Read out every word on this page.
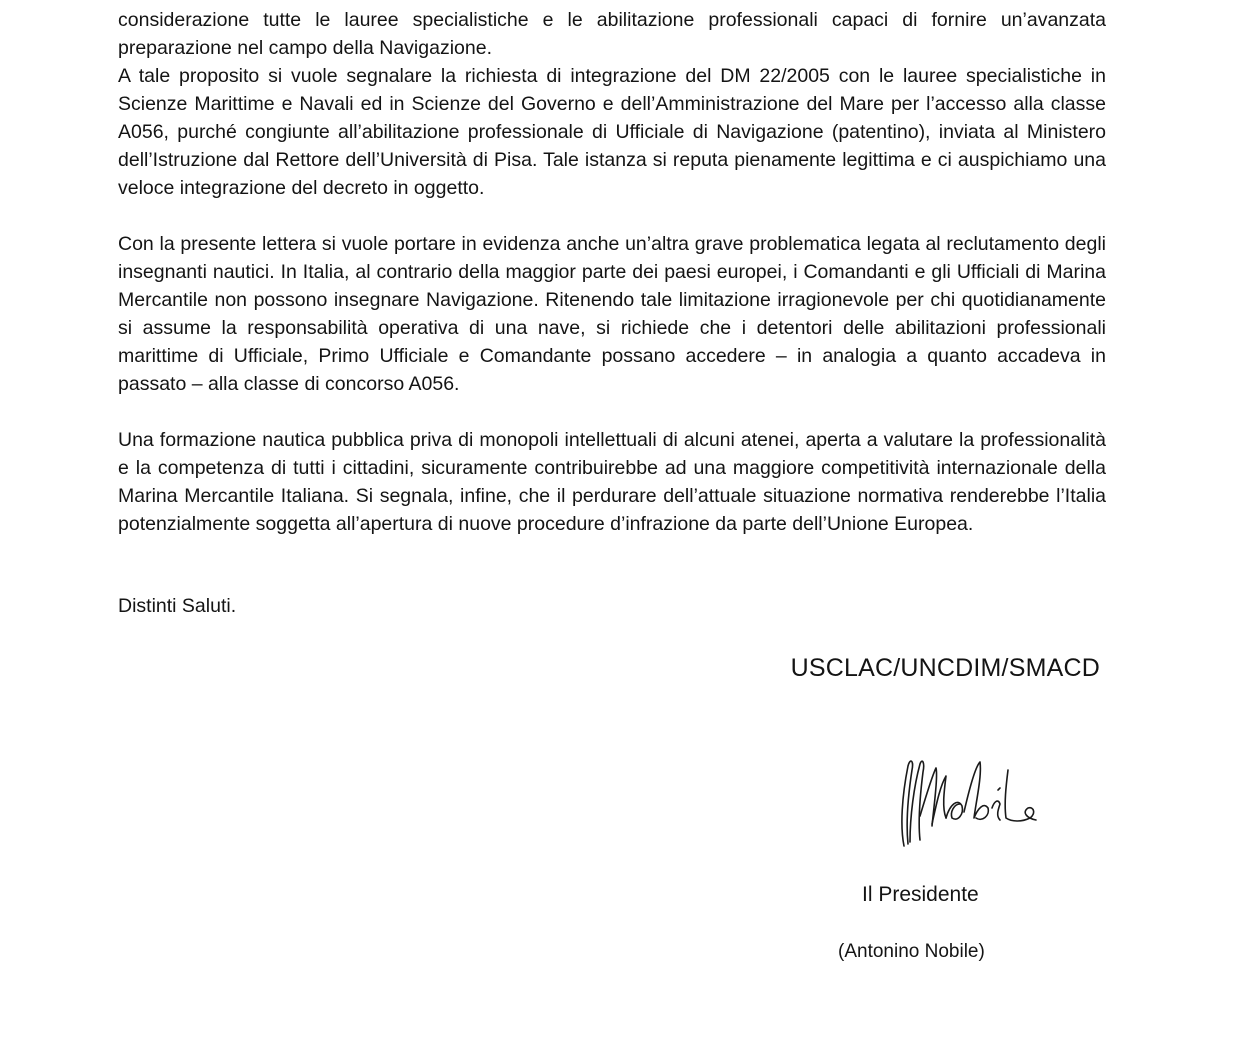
considerazione tutte le lauree specialistiche e le abilitazione professionali capaci di fornire un’avanzata preparazione nel campo della Navigazione.

A tale proposito si vuole segnalare la richiesta di integrazione del DM 22/2005 con le lauree specialistiche in Scienze Marittime e Navali ed in Scienze del Governo e dell’Amministrazione del Mare per l’accesso alla classe A056, purché congiunte all’abilitazione professionale di Ufficiale di Navigazione (patentino), inviata al Ministero dell’Istruzione dal Rettore dell’Università di Pisa. Tale istanza si reputa pienamente legittima e ci auspichiamo una veloce integrazione del decreto in oggetto.

Con la presente lettera si vuole portare in evidenza anche un’altra grave problematica legata al reclutamento degli insegnanti nautici. In Italia, al contrario della maggior parte dei paesi europei, i Comandanti e gli Ufficiali di Marina Mercantile non possono insegnare Navigazione. Ritenendo tale limitazione irragionevole per chi quotidianamente si assume la responsabilità operativa di una nave, si richiede che i detentori delle abilitazioni professionali marittime di Ufficiale, Primo Ufficiale e Comandante possano accedere – in analogia a quanto accadeva in passato – alla classe di concorso A056.

Una formazione nautica pubblica priva di monopoli intellettuali di alcuni atenei, aperta a valutare la professionalità e la competenza di tutti i cittadini, sicuramente contribuirebbe ad una maggiore competitività internazionale della Marina Mercantile Italiana. Si segnala, infine, che il perdurare dell’attuale situazione normativa renderebbe l’Italia potenzialmente soggetta all’apertura di nuove procedure d’infrazione da parte dell’Unione Europea.

Distinti Saluti.
USCLAC/UNCDIM/SMACD
Il Presidente
(Antonino Nobile)
